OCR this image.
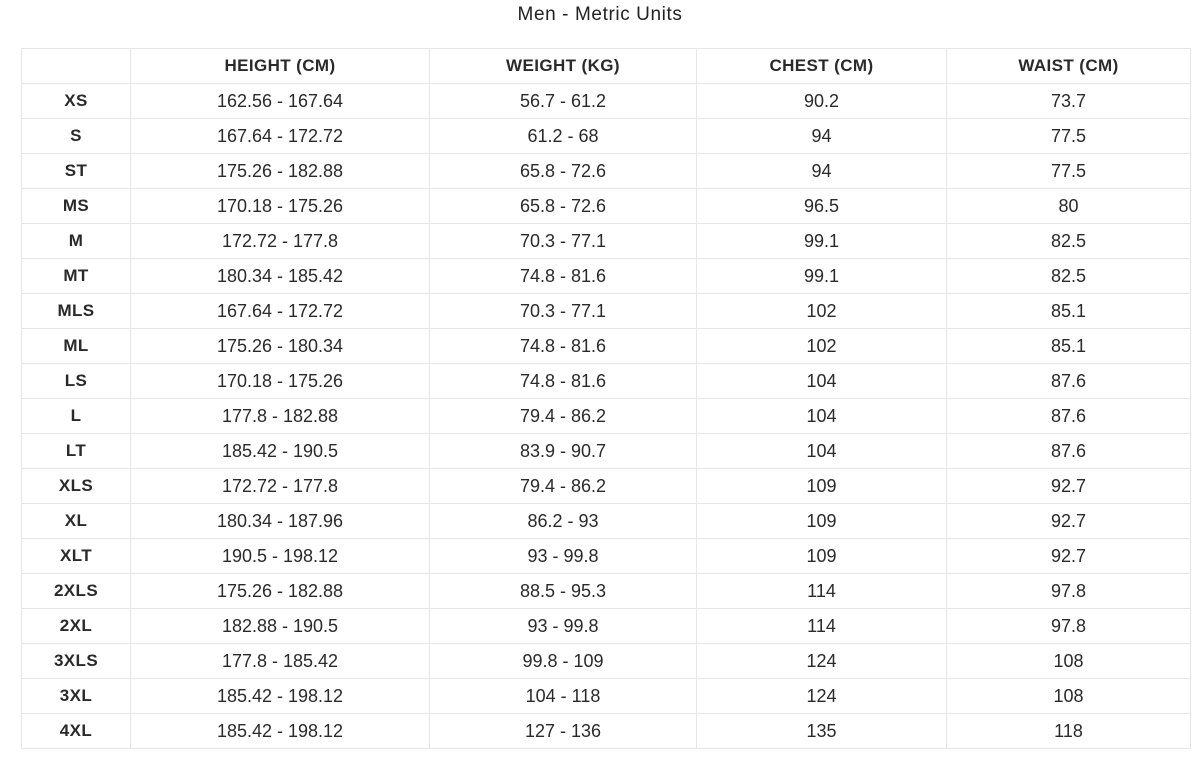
Men - Metric Units
	HEIGHT (CM)	WEIGHT (KG)	CHEST (CM)	WAIST (CM)
XS	162.56 - 167.64	56.7 - 61.2	90.2	73.7
S	167.64 - 172.72	61.2 - 68	94	77.5
ST	175.26 - 182.88	65.8 - 72.6	94	77.5
MS	170.18 - 175.26	65.8 - 72.6	96.5	80
M	172.72 - 177.8	70.3 - 77.1	99.1	82.5
MT	180.34 - 185.42	74.8 - 81.6	99.1	82.5
MLS	167.64 - 172.72	70.3 - 77.1	102	85.1
ML	175.26 - 180.34	74.8 - 81.6	102	85.1
LS	170.18 - 175.26	74.8 - 81.6	104	87.6
L	177.8 - 182.88	79.4 - 86.2	104	87.6
LT	185.42 - 190.5	83.9 - 90.7	104	87.6
XLS	172.72 - 177.8	79.4 - 86.2	109	92.7
XL	180.34 - 187.96	86.2 - 93	109	92.7
XLT	190.5 - 198.12	93 - 99.8	109	92.7
2XLS	175.26 - 182.88	88.5 - 95.3	114	97.8
2XL	182.88 - 190.5	93 - 99.8	114	97.8
3XLS	177.8 - 185.42	99.8 - 109	124	108
3XL	185.42 - 198.12	104 - 118	124	108
4XL	185.42 - 198.12	127 - 136	135	118
